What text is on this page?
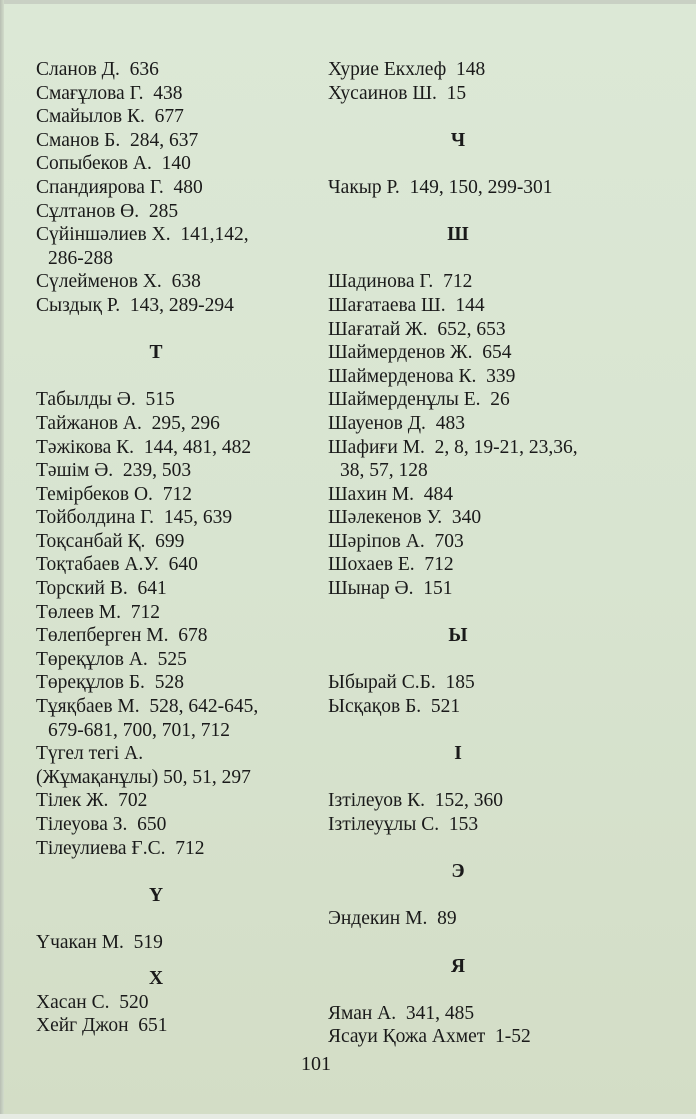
Сланов Д. 636
Смағұлова Г. 438
Смайылов К. 677
Сманов Б. 284, 637
Сопыбеков А. 140
Спандиярова Г. 480
Сұлтанов Ө. 285
Сүйіншәлиев Х. 141,142,
286-288
Сүлейменов Х. 638
Сыздық Р. 143, 289-294
Т
Табылды Ә. 515
Тайжанов А. 295, 296
Тәжікова К. 144, 481, 482
Тәшім Ә. 239, 503
Темірбеков О. 712
Тойболдина Г. 145, 639
Тоқсанбай Қ. 699
Тоқтабаев А.У. 640
Торский В. 641
Төлеев М. 712
Төлепберген М. 678
Төреқұлов А. 525
Төреқұлов Б. 528
Тұяқбаев М. 528, 642-645,
679-681, 700, 701, 712
Түгел тегі А.
(Жұмақанұлы) 50, 51, 297
Тілек Ж. 702
Тілеуова З. 650
Тілеулиева Ғ.С. 712
Ү
Үчакан М. 519
Х
Хасан С. 520
Хейг Джон 651
Хурие Екхлеф 148
Хусаинов Ш. 15
Ч
Чакыр Р. 149, 150, 299-301
Ш
Шадинова Г. 712
Шағатаева Ш. 144
Шағатай Ж. 652, 653
Шаймерденов Ж. 654
Шаймерденова К. 339
Шаймерденұлы Е. 26
Шауенов Д. 483
Шафиғи М. 2, 8, 19-21, 23,36,
38, 57, 128
Шахин М. 484
Шәлекенов У. 340
Шәріпов А. 703
Шохаев Е. 712
Шынар Ә. 151
Ы
Ыбырай С.Б. 185
Ысқақов Б. 521
І
Ізтілеуов К. 152, 360
Ізтілеуұлы С. 153
Э
Эндекин М. 89
Я
Яман А. 341, 485
Ясауи Қожа Ахмет 1-52
101
